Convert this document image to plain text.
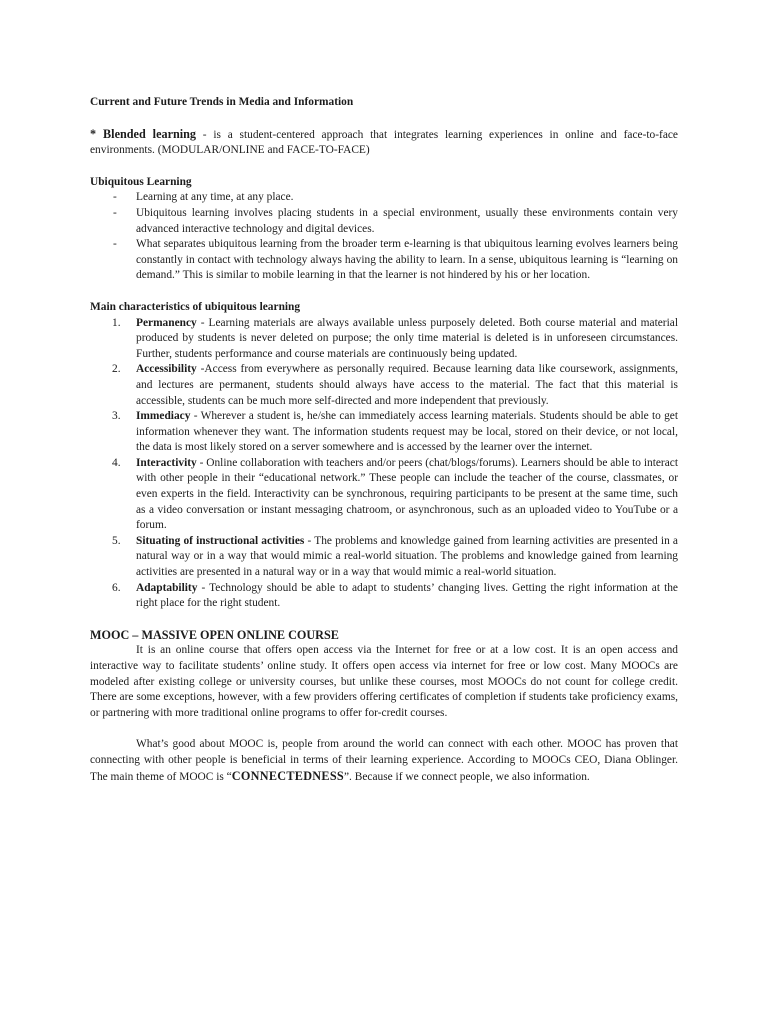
Current and Future Trends in Media and Information

* Blended learning - is a student-centered approach that integrates learning experiences in online and face-to-face environments. (MODULAR/ONLINE and FACE-TO-FACE)

Ubiquitous Learning
- Learning at any time, at any place.
- Ubiquitous learning involves placing students in a special environment, usually these environments contain very advanced interactive technology and digital devices.
- What separates ubiquitous learning from the broader term e-learning is that ubiquitous learning evolves learners being constantly in contact with technology always having the ability to learn. In a sense, ubiquitous learning is “learning on demand.” This is similar to mobile learning in that the learner is not hindered by his or her location.
Main characteristics of ubiquitous learning
1. Permanency - Learning materials are always available unless purposely deleted. Both course material and material produced by students is never deleted on purpose; the only time material is deleted is in unforeseen circumstances. Further, students performance and course materials are continuously being updated.
2. Accessibility -Access from everywhere as personally required. Because learning data like coursework, assignments, and lectures are permanent, students should always have access to the material. The fact that this material is accessible, students can be much more self-directed and more independent that previously.
3. Immediacy - Wherever a student is, he/she can immediately access learning materials. Students should be able to get information whenever they want. The information students request may be local, stored on their device, or not local, the data is most likely stored on a server somewhere and is accessed by the learner over the internet.
4. Interactivity - Online collaboration with teachers and/or peers (chat/blogs/forums). Learners should be able to interact with other people in their “educational network.” These people can include the teacher of the course, classmates, or even experts in the field. Interactivity can be synchronous, requiring participants to be present at the same time, such as a video conversation or instant messaging chatroom, or asynchronous, such as an uploaded video to YouTube or a forum.
5. Situating of instructional activities - The problems and knowledge gained from learning activities are presented in a natural way or in a way that would mimic a real-world situation. The problems and knowledge gained from learning activities are presented in a natural way or in a way that would mimic a real-world situation.
6. Adaptability - Technology should be able to adapt to students’ changing lives. Getting the right information at the right place for the right student.
MOOC – MASSIVE OPEN ONLINE COURSE

It is an online course that offers open access via the Internet for free or at a low cost. It is an open access and interactive way to facilitate students’ online study. It offers open access via internet for free or low cost. Many MOOCs are modeled after existing college or university courses, but unlike these courses, most MOOCs do not count for college credit. There are some exceptions, however, with a few providers offering certificates of completion if students take proficiency exams, or partnering with more traditional online programs to offer for-credit courses.

What’s good about MOOC is, people from around the world can connect with each other. MOOC has proven that connecting with other people is beneficial in terms of their learning experience. According to MOOCs CEO, Diana Oblinger. The main theme of MOOC is “CONNECTEDNESS”. Because if we connect people, we also information.
